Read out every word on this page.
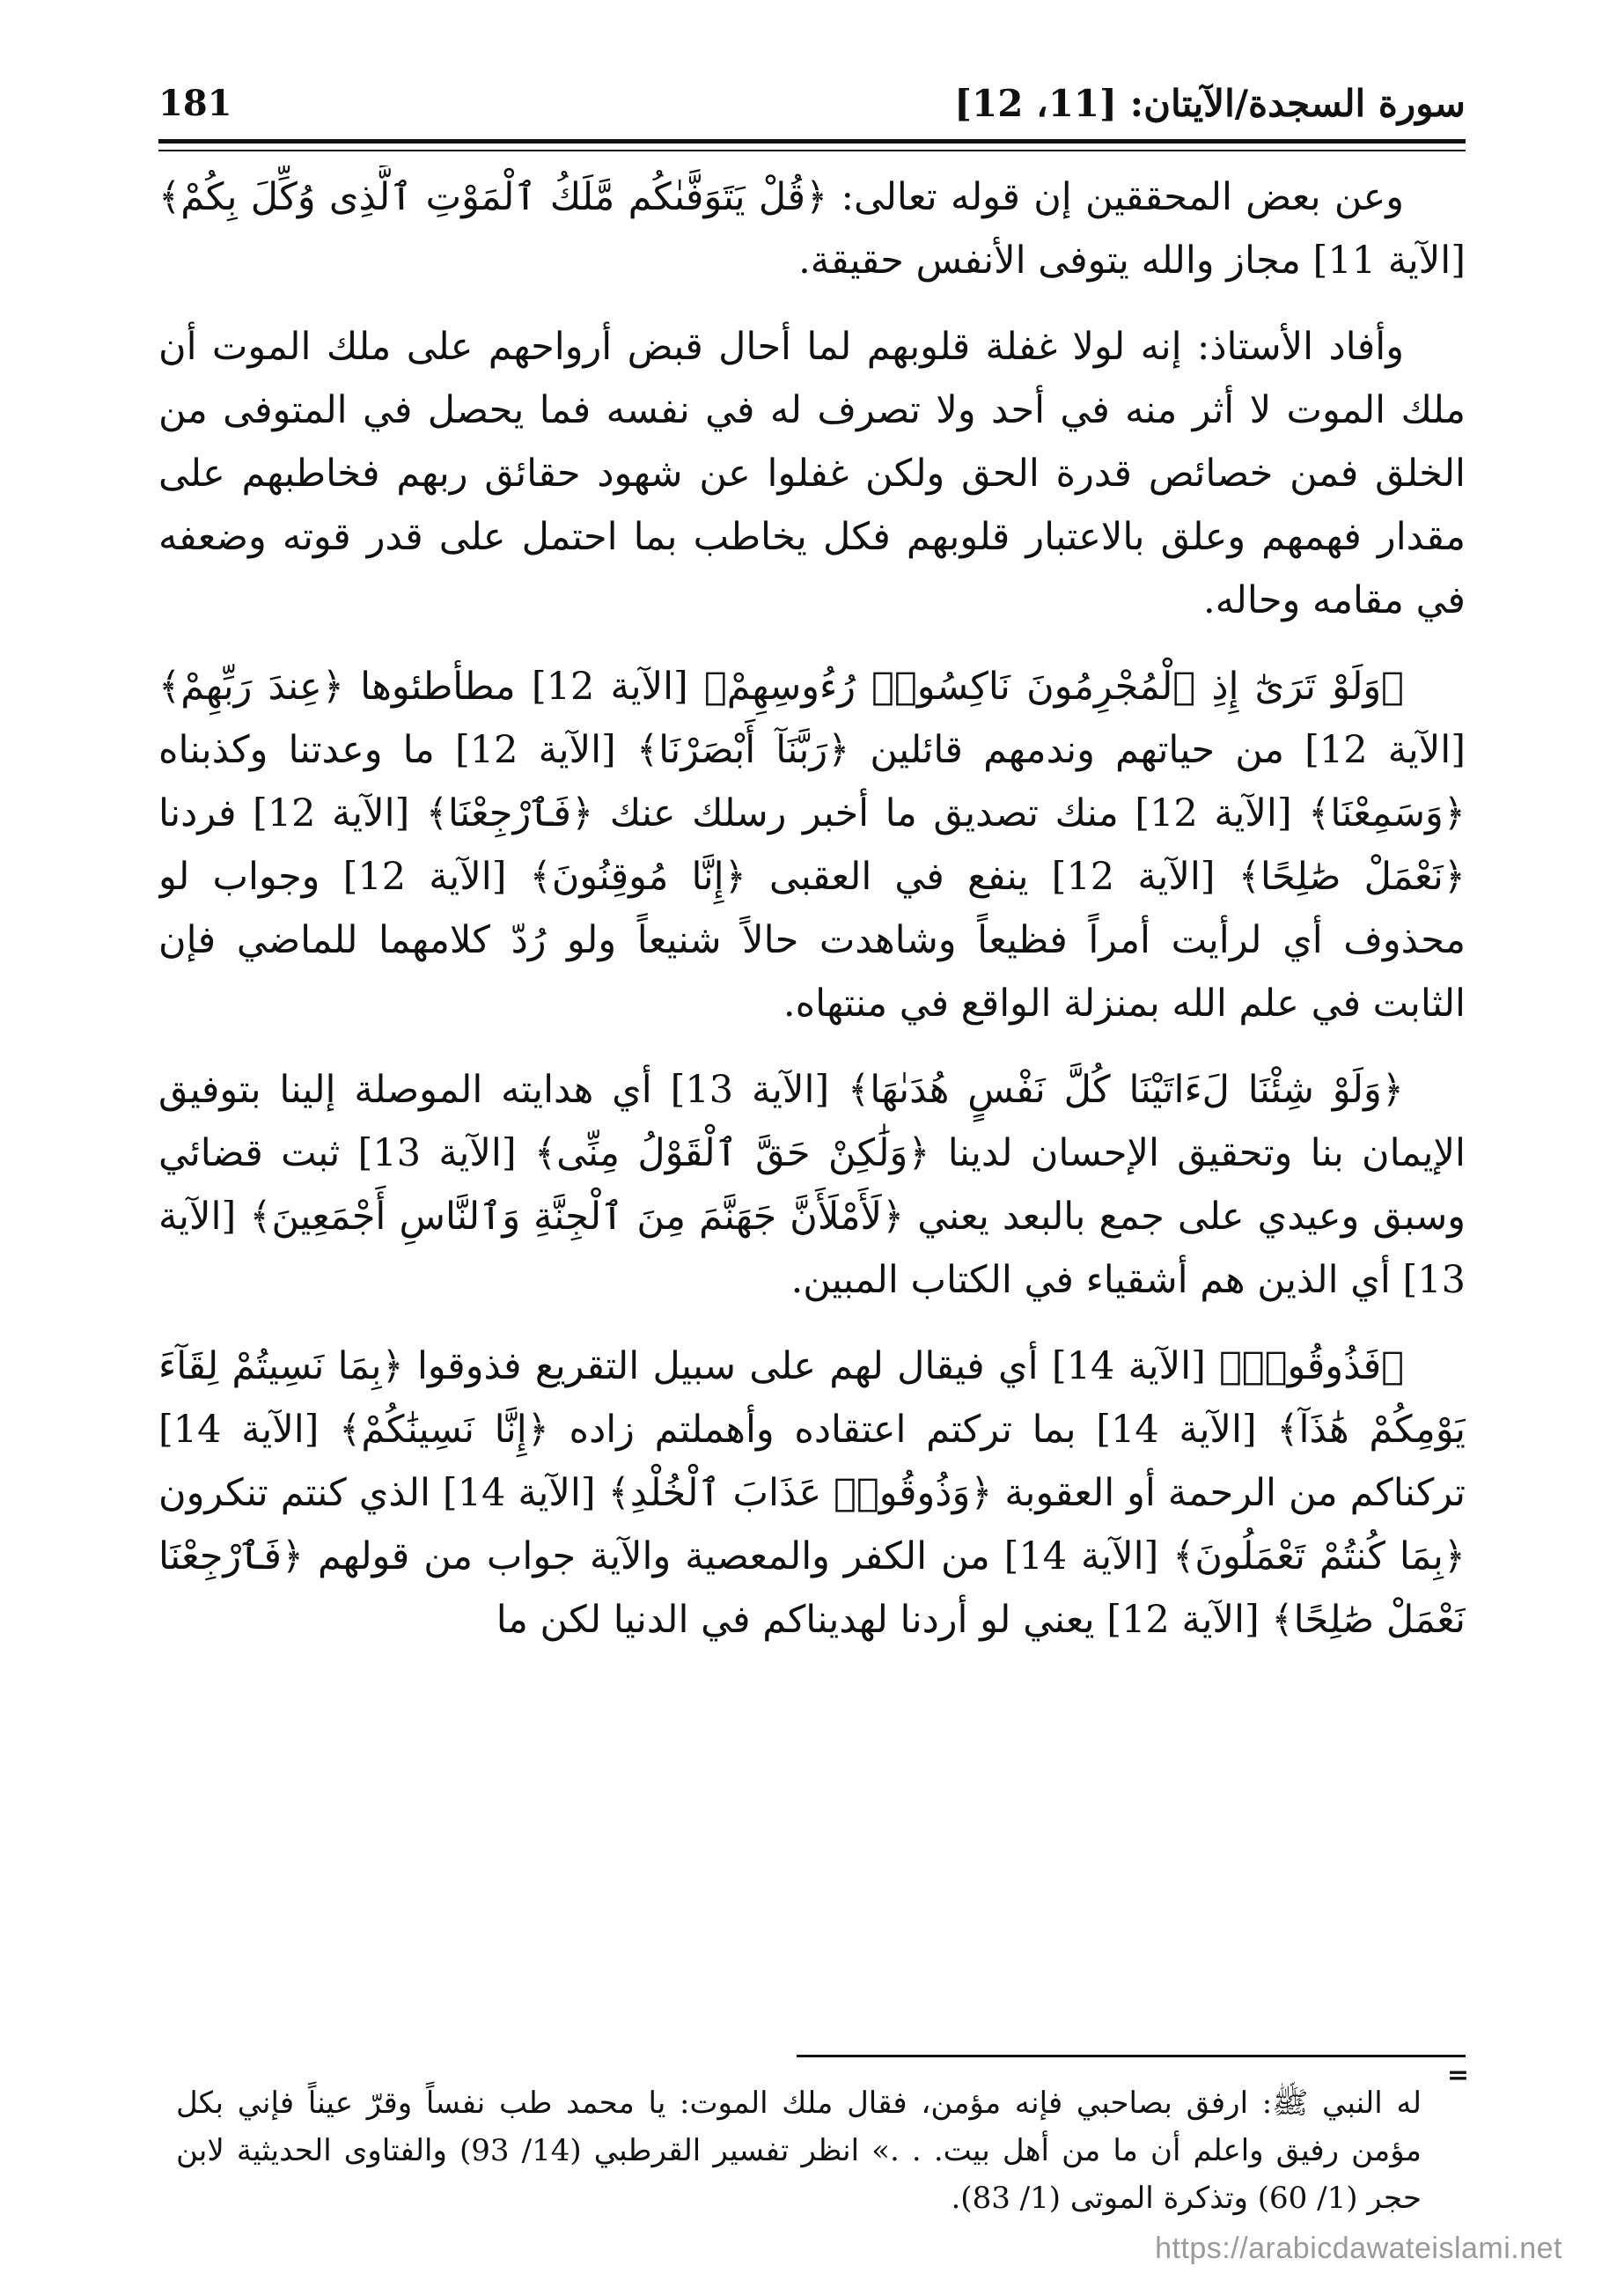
181	سورة السجدة/الآيتان: [11، 12]

وعن بعض المحققين إن قوله تعالى: ﴿قُلْ يَتَوَفَّىٰكُم مَّلَكُ ٱلْمَوْتِ ٱلَّذِى وُكِّلَ بِكُمْ﴾ [الآية 11] مجاز والله يتوفى الأنفس حقيقة.

وأفاد الأستاذ: إنه لولا غفلة قلوبهم لما أحال قبض أرواحهم على ملك الموت أن ملك الموت لا أثر منه في أحد ولا تصرف له في نفسه فما يحصل في المتوفى من الخلق فمن خصائص قدرة الحق ولكن غفلوا عن شهود حقائق ربهم فخاطبهم على مقدار فهمهم وعلق بالاعتبار قلوبهم فكل يخاطب بما احتمل على قدر قوته وضعفه في مقامه وحاله.

﴿وَلَوْ تَرَىٰٓ إِذِ ٱلْمُجْرِمُونَ نَاكِسُوا۟ رُءُوسِهِمْ﴾ [الآية 12] مطأطئوها ﴿عِندَ رَبِّهِمْ﴾ [الآية 12] من حياتهم وندمهم قائلين ﴿رَبَّنَآ أَبْصَرْنَا﴾ [الآية 12] ما وعدتنا وكذبناه ﴿وَسَمِعْنَا﴾ [الآية 12] منك تصديق ما أخبر رسلك عنك ﴿فَٱرْجِعْنَا﴾ [الآية 12] فردنا ﴿نَعْمَلْ صَٰلِحًا﴾ [الآية 12] ينفع في العقبى ﴿إِنَّا مُوقِنُونَ﴾ [الآية 12] وجواب لو محذوف أي لرأيت أمراً فظيعاً وشاهدت حالاً شنيعاً ولو رُدّ كلامهما للماضي فإن الثابت في علم الله بمنزلة الواقع في منتهاه.

﴿وَلَوْ شِئْنَا لَءَاتَيْنَا كُلَّ نَفْسٍ هُدَىٰهَا﴾ [الآية 13] أي هدايته الموصلة إلينا بتوفيق الإيمان بنا وتحقيق الإحسان لدينا ﴿وَلَٰكِنْ حَقَّ ٱلْقَوْلُ مِنِّى﴾ [الآية 13] ثبت قضائي وسبق وعيدي على جمع بالبعد يعني ﴿لَأَمْلَأَنَّ جَهَنَّمَ مِنَ ٱلْجِنَّةِ وَٱلنَّاسِ أَجْمَعِينَ﴾ [الآية 13] أي الذين هم أشقياء في الكتاب المبين.

﴿فَذُوقُوا۟﴾ [الآية 14] أي فيقال لهم على سبيل التقريع فذوقوا ﴿بِمَا نَسِيتُمْ لِقَآءَ يَوْمِكُمْ هَٰذَآ﴾ [الآية 14] بما تركتم اعتقاده وأهملتم زاده ﴿إِنَّا نَسِينَٰكُمْ﴾ [الآية 14] تركناكم من الرحمة أو العقوبة ﴿وَذُوقُوا۟ عَذَابَ ٱلْخُلْدِ﴾ [الآية 14] الذي كنتم تنكرون ﴿بِمَا كُنتُمْ تَعْمَلُونَ﴾ [الآية 14] من الكفر والمعصية والآية جواب من قولهم ﴿فَٱرْجِعْنَا نَعْمَلْ صَٰلِحًا﴾ [الآية 12] يعني لو أردنا لهديناكم في الدنيا لكن ما

=
له النبي ﷺ: ارفق بصاحبي فإنه مؤمن، فقال ملك الموت: يا محمد طب نفساً وقرّ عيناً فإني بكل مؤمن رفيق واعلم أن ما من أهل بيت. . .» انظر تفسير القرطبي (14/ 93) والفتاوى الحديثية لابن حجر (1/ 60) وتذكرة الموتى (1/ 83).
https://arabicdawateislami.net
